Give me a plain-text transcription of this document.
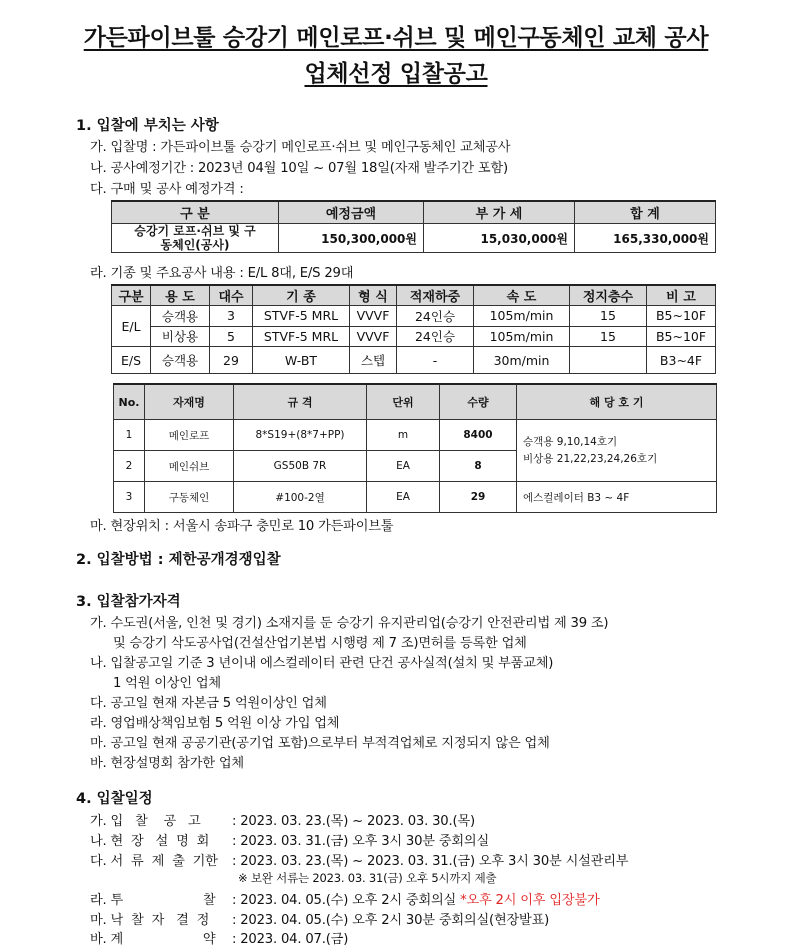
가든파이브툴 승강기 메인로프·쉬브 및 메인구동체인 교체 공사
업체선정 입찰공고
1. 입찰에 부치는 사항
가. 입찰명 : 가든파이브툴 승강기 메인로프·쉬브 및 메인구동체인 교체공사
나. 공사예정기간 : 2023년 04월 10일 ~ 07월 18일(자재 발주기간 포함)
다. 구매 및 공사 예정가격 :
구 분	예정금액	부 가 세	합 계
승강기 로프·쉬브 및 구동체인(공사)	150,300,000원	15,030,000원	165,330,000원
라. 기종 및 주요공사 내용 : E/L 8대, E/S 29대
구분	용 도	대수	기 종	형 식	적재하중	속 도	정지층수	비 고
E/L	승객용	3	STVF-5 MRL	VVVF	24인승	105m/min	15	B5~10F
	비상용	5	STVF-5 MRL	VVVF	24인승	105m/min	15	B5~10F
E/S	승객용	29	W-BT	스텝	-	30m/min		B3~4F
No.	자재명	규 격	단위	수량	해 당 호 기
1	메인로프	8*S19+(8*7+PP)	m	8400	승객용 9,10,14호기
비상용 21,22,23,24,26호기

2	메인쉬브	GS50B 7R	EA	8	
3	구동체인	#100-2열	EA	29	에스컬레이터 B3 ~ 4F
마. 현장위치 : 서울시 송파구 충민로 10 가든파이브툴
2. 입찰방법 : 제한공개경쟁입찰
3. 입찰참가자격
가. 수도권(서울, 인천 및 경기) 소재지를 둔 승강기 유지관리업(승강기 안전관리법 제 39 조)
및 승강기 삭도공사업(건설산업기본법 시행령 제 7 조)면허를 등록한 업체
나. 입찰공고일 기준 3 년이내 에스컬레이터 관련 단건 공사실적(설치 및 부품교체)
1 억원 이상인 업체
다. 공고일 현재 자본금 5 억원이상인 업체
라. 영업배상책임보험 5 억원 이상 가입 업체
마. 공고일 현재 공공기관(공기업 포함)으로부터 부적격업체로 지정되지 않은 업체
바. 현장설명회 참가한 업체
4. 입찰일정
가. 입   찰    공   고 : 2023. 03. 23.(목) ~ 2023. 03. 30.(목)
나. 현  장   설  명  회 : 2023. 03. 31.(금) 오후 3시 30분 중회의실
다. 서  류  제  출  기한 : 2023. 03. 23.(목) ~ 2023. 03. 31.(금) 오후 3시 30분 시설관리부
※ 보완 서류는 2023. 03. 31(금) 오후 5시까지 제출
라. 투                    찰 : 2023. 04. 05.(수) 오후 2시 중회의실 *오후 2시 이후 입장불가
마. 낙  찰  자   결  정 : 2023. 04. 05.(수) 오후 2시 30분 중회의실(현장발표)
바. 계                    약 : 2023. 04. 07.(금)
